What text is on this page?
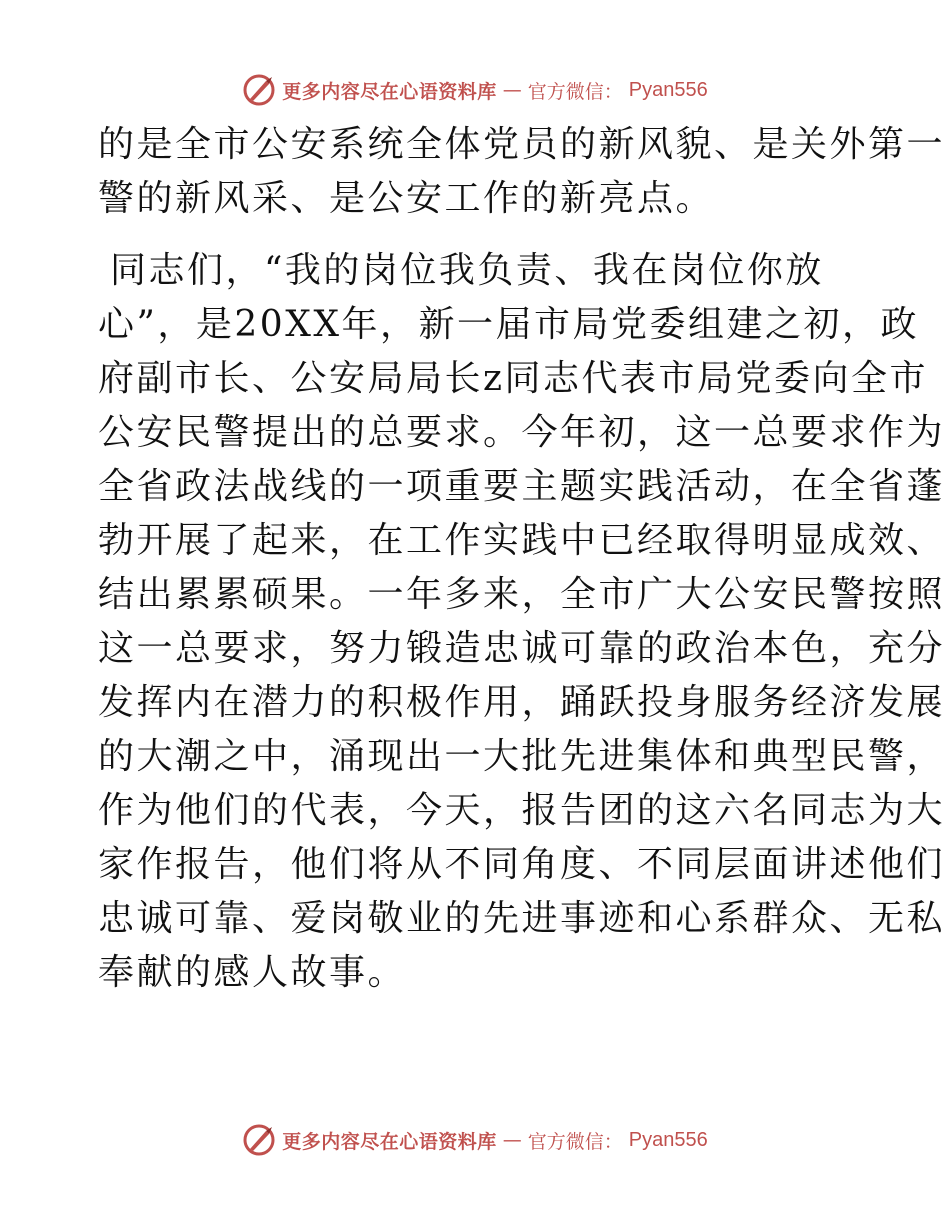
更多内容尽在心语资料库 — 官方微信： Pyan556
的是全市公安系统全体党员的新风貌、是关外第一
警的新风采、是公安工作的新亮点。
同志们，“我的岗位我负责、我在岗位你放
心”，是20XX年，新一届市局党委组建之初，政
府副市长、公安局局长z同志代表市局党委向全市
公安民警提出的总要求。今年初，这一总要求作为
全省政法战线的一项重要主题实践活动，在全省蓬
勃开展了起来，在工作实践中已经取得明显成效、
结出累累硕果。一年多来，全市广大公安民警按照
这一总要求，努力锻造忠诚可靠的政治本色，充分
发挥内在潜力的积极作用，踊跃投身服务经济发展
的大潮之中，涌现出一大批先进集体和典型民警，
作为他们的代表，今天，报告团的这六名同志为大
家作报告，他们将从不同角度、不同层面讲述他们
忠诚可靠、爱岗敬业的先进事迹和心系群众、无私
奉献的感人故事。
更多内容尽在心语资料库 — 官方微信： Pyan556
